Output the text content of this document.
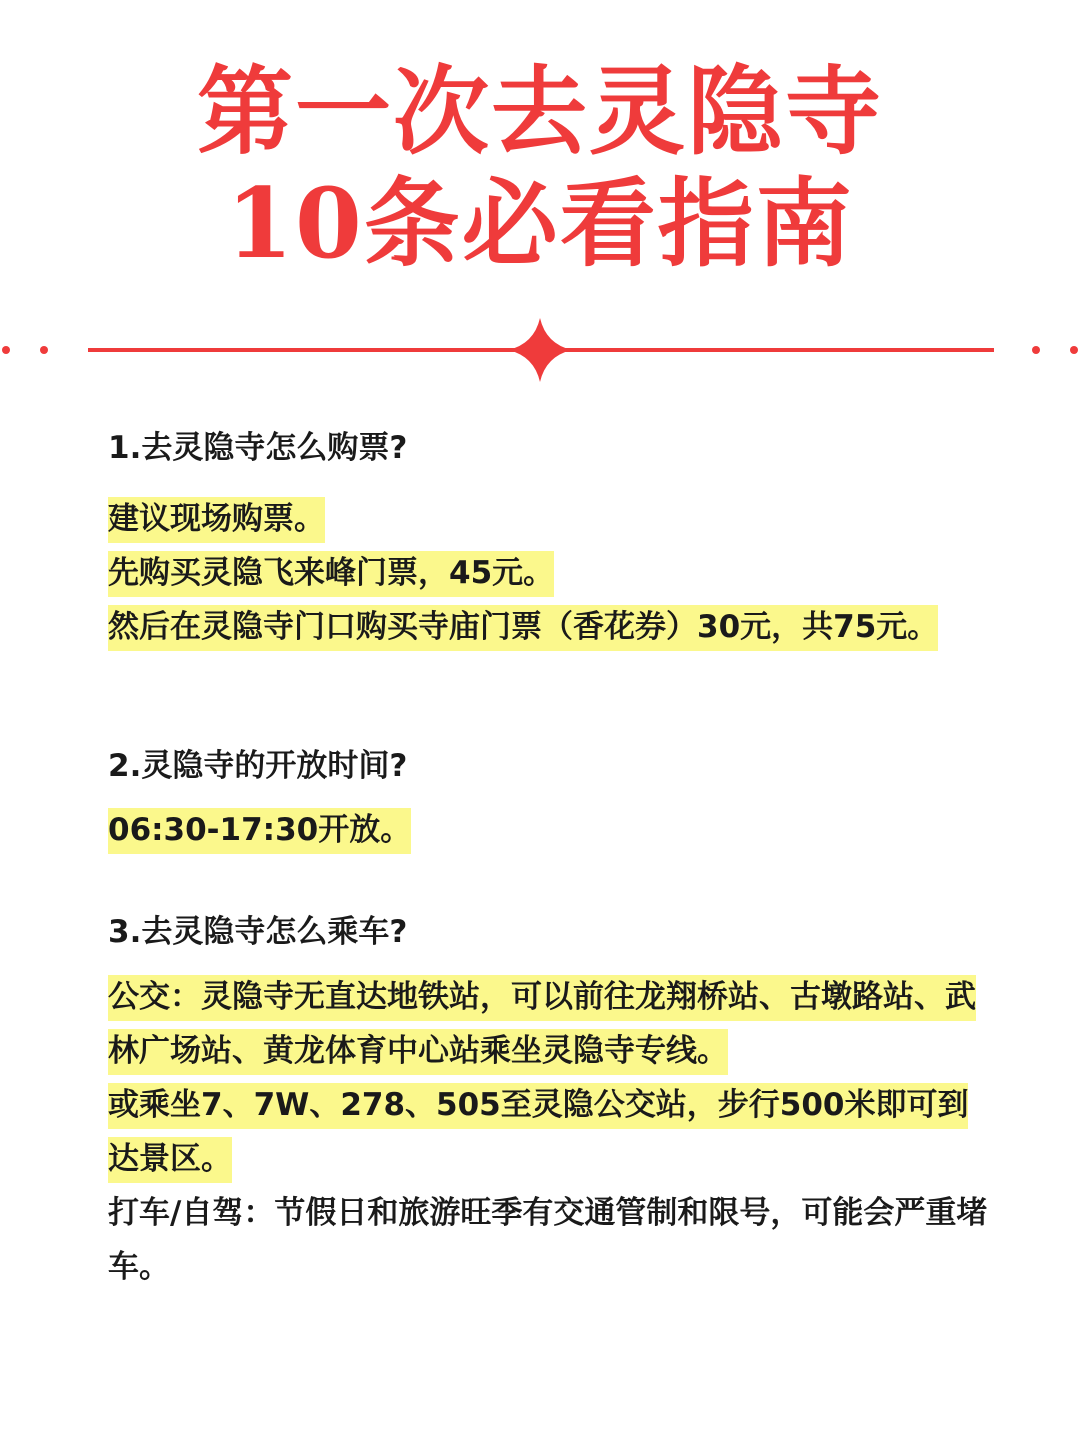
第一次去灵隐寺
10条必看指南
1.去灵隐寺怎么购票?
建议现场购票。
先购买灵隐飞来峰门票，45元。
然后在灵隐寺门口购买寺庙门票（香花券）30元，共75元。
2.灵隐寺的开放时间?
06:30-17:30开放。
3.去灵隐寺怎么乘车?
公交：灵隐寺无直达地铁站，可以前往龙翔桥站、古墩路站、武林广场站、黄龙体育中心站乘坐灵隐寺专线。
或乘坐7、7W、278、505至灵隐公交站，步行500米即可到达景区。
打车/自驾：节假日和旅游旺季有交通管制和限号，可能会严重堵车。
